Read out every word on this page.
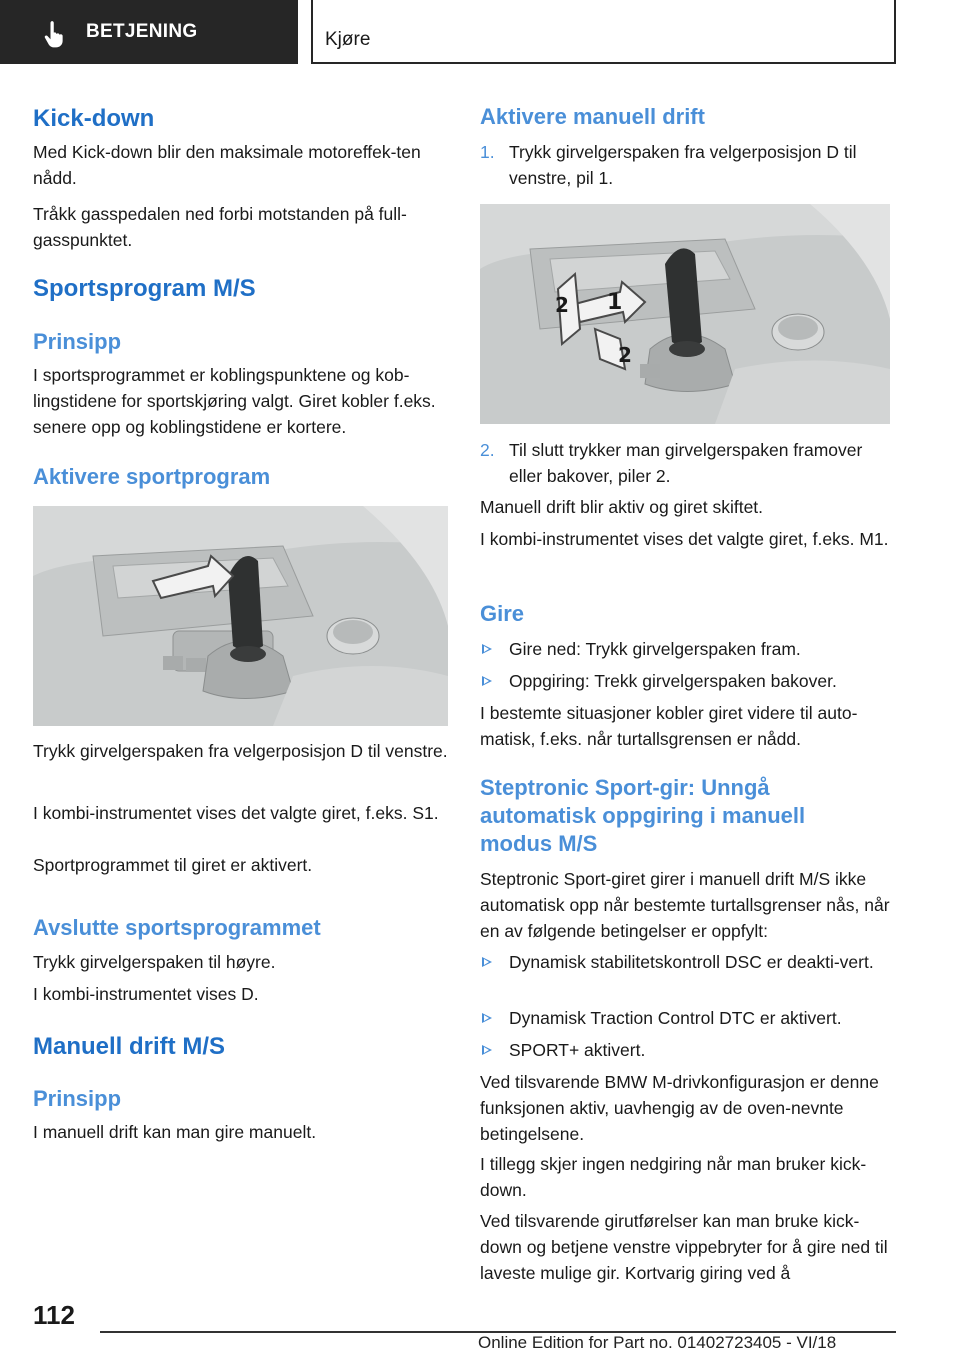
BETJENING	Kjøre
Kick-down

Med Kick-down blir den maksimale motoreffek-ten nådd.

Tråkk gasspedalen ned forbi motstanden på full-gasspunktet.

Sportsprogram M/S
Prinsipp

I sportsprogrammet er koblingspunktene og kob-lingstidene for sportskjøring valgt. Giret kobler f.eks. senere opp og koblingstidene er kortere.

Aktivere sportprogram

Trykk girvelgerspaken fra velgerposisjon D til venstre.

I kombi-instrumentet vises det valgte giret, f.eks. S1.

Sportprogrammet til giret er aktivert.

Avslutte sportsprogrammet

Trykk girvelgerspaken til høyre.

I kombi-instrumentet vises D.

Manuell drift M/S
Prinsipp

I manuell drift kan man gire manuelt.

Aktivere manuell drift
1. Trykk girvelgerspaken fra velgerposisjon D til venstre, pil 1.
1
2
2
2. Til slutt trykker man girvelgerspaken framover eller bakover, piler 2.

Manuell drift blir aktiv og giret skiftet.

I kombi-instrumentet vises det valgte giret, f.eks. M1.

Gire
Gire ned: Trykk girvelgerspaken fram.
Oppgiring: Trekk girvelgerspaken bakover.

I bestemte situasjoner kobler giret videre til auto-matisk, f.eks. når turtallsgrensen er nådd.

Steptronic Sport-gir: Unngå automatisk oppgiring i manuell modus M/S

Steptronic Sport-giret girer i manuell drift M/S ikke automatisk opp når bestemte turtallsgrenser nås, når en av følgende betingelser er oppfylt:

Dynamisk stabilitetskontroll DSC er deakti-vert.
Dynamisk Traction Control DTC er aktivert.
SPORT+ aktivert.

Ved tilsvarende BMW M-drivkonfigurasjon er denne funksjonen aktiv, uavhengig av de oven-nevnte betingelsene.

I tillegg skjer ingen nedgiring når man bruker kick-down.

Ved tilsvarende girutførelser kan man bruke kick-down og betjene venstre vippebryter for å gire ned til laveste mulige gir. Kortvarig giring ved å

112
Online Edition for Part no. 01402723405 - VI/18
